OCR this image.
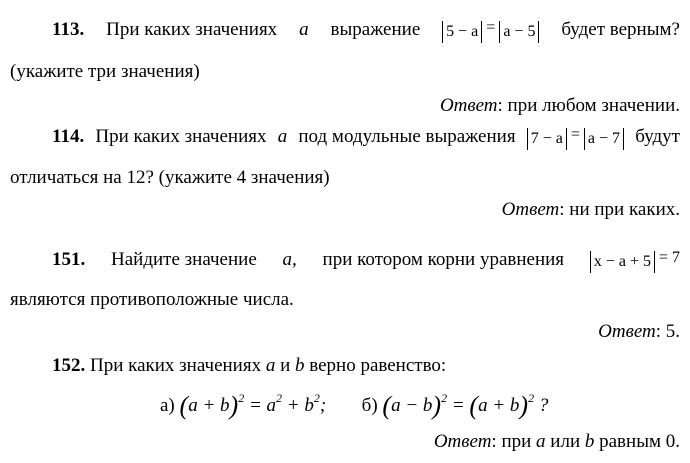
113. При каких значениях a выражение 5 − a = a − 5 будет верным?
(укажите три значения)
Ответ: при любом значении.
114. При каких значениях a под модульные выражения 7 − a = a − 7 будут
отличаться на 12? (укажите 4 значения)
Ответ: ни при каких.
151. Найдите значение a, при котором корни уравнения x − a + 5 = 7
являются противоположные числа.
Ответ: 5.
152. При каких значениях a и b верно равенство:
а) $(a + b)^2 = a^2 + b^2$; б) $(a - b)^2 = (a + b)^2$ ?
Ответ: при a или b равным 0.
